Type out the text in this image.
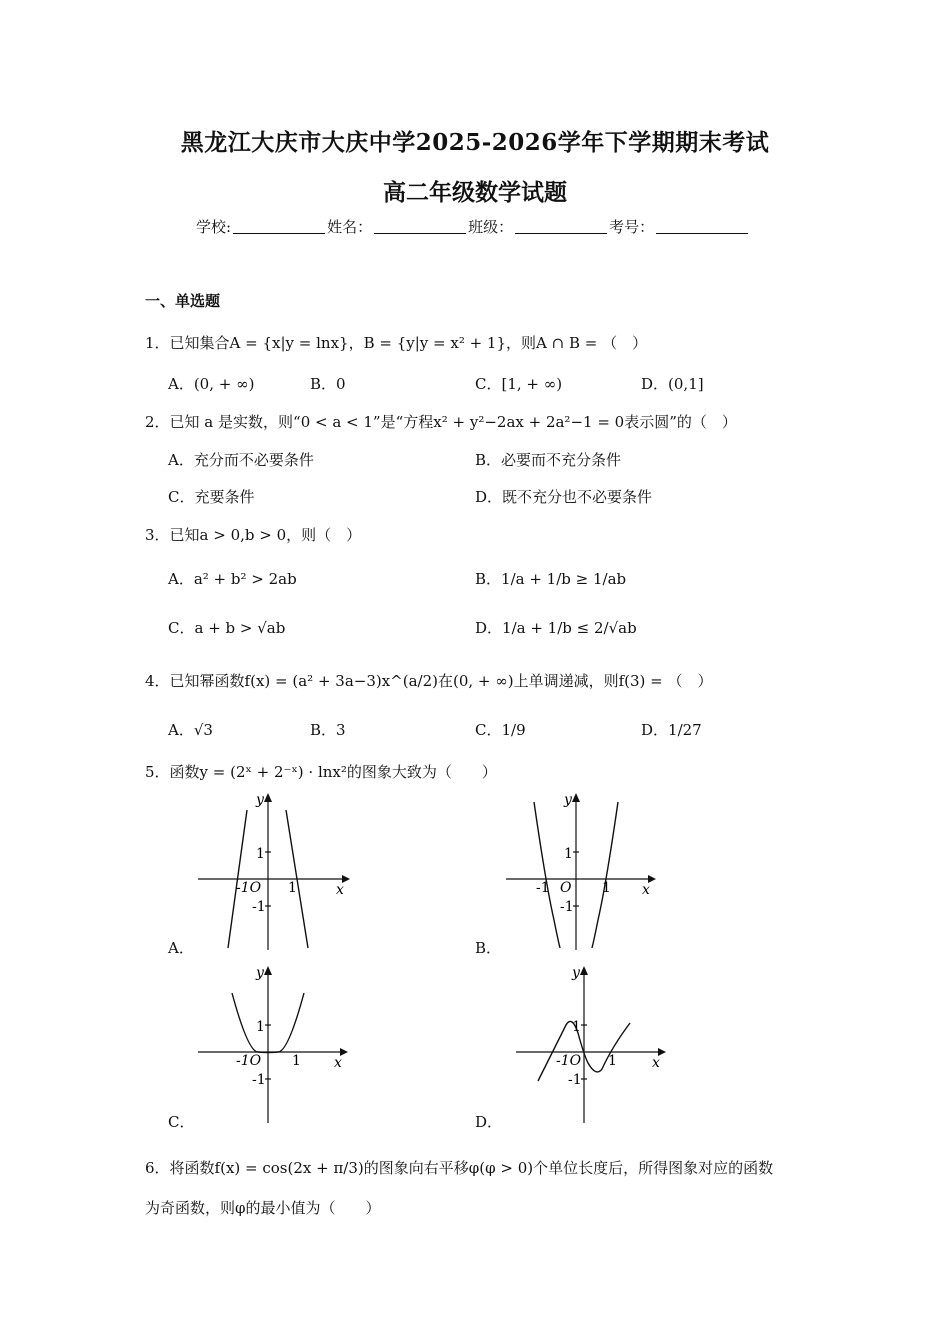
黑龙江大庆市大庆中学2025-2026学年下学期期末考试
高二年级数学试题
学校:	姓名：	班级：	考号：
一、单选题
1．已知集合A = {x|y = lnx}，B = {y|y = x² + 1}，则A ∩ B = （　）
A．(0, + ∞)	B．0	C．[1, + ∞)	D．(0,1]
2．已知 a 是实数，则“0 < a < 1”是“方程x² + y²−2ax + 2a²−1 = 0表示圆”的（　）
A．充分而不必要条件	B．必要而不充分条件
C．充要条件	D．既不充分也不必要条件
3．已知a > 0,b > 0，则（　）
A．a² + b² > 2ab	B．1/a + 1/b ≥ 1/ab
C．a + b > √ab	D．1/a + 1/b ≤ 2/√ab
4．已知幂函数f(x) = (a² + 3a−3)x^(a/2)在(0, + ∞)上单调递减，则f(3) = （　）
A．√3	B．3	C．1/9	D．1/27
5．函数y = (2ˣ + 2⁻ˣ) · lnx²的图象大致为（　　）
y
x
1
-1O 1
-1
A．
y
x
1
-1 O 1
-1
B．
y
x
1
-1O 1
-1
C．
y
x
1
-1O 1
-1
D．
6．将函数f(x) = cos(2x + π/3)的图象向右平移φ(φ > 0)个单位长度后，所得图象对应的函数
为奇函数，则φ的最小值为（　　）
